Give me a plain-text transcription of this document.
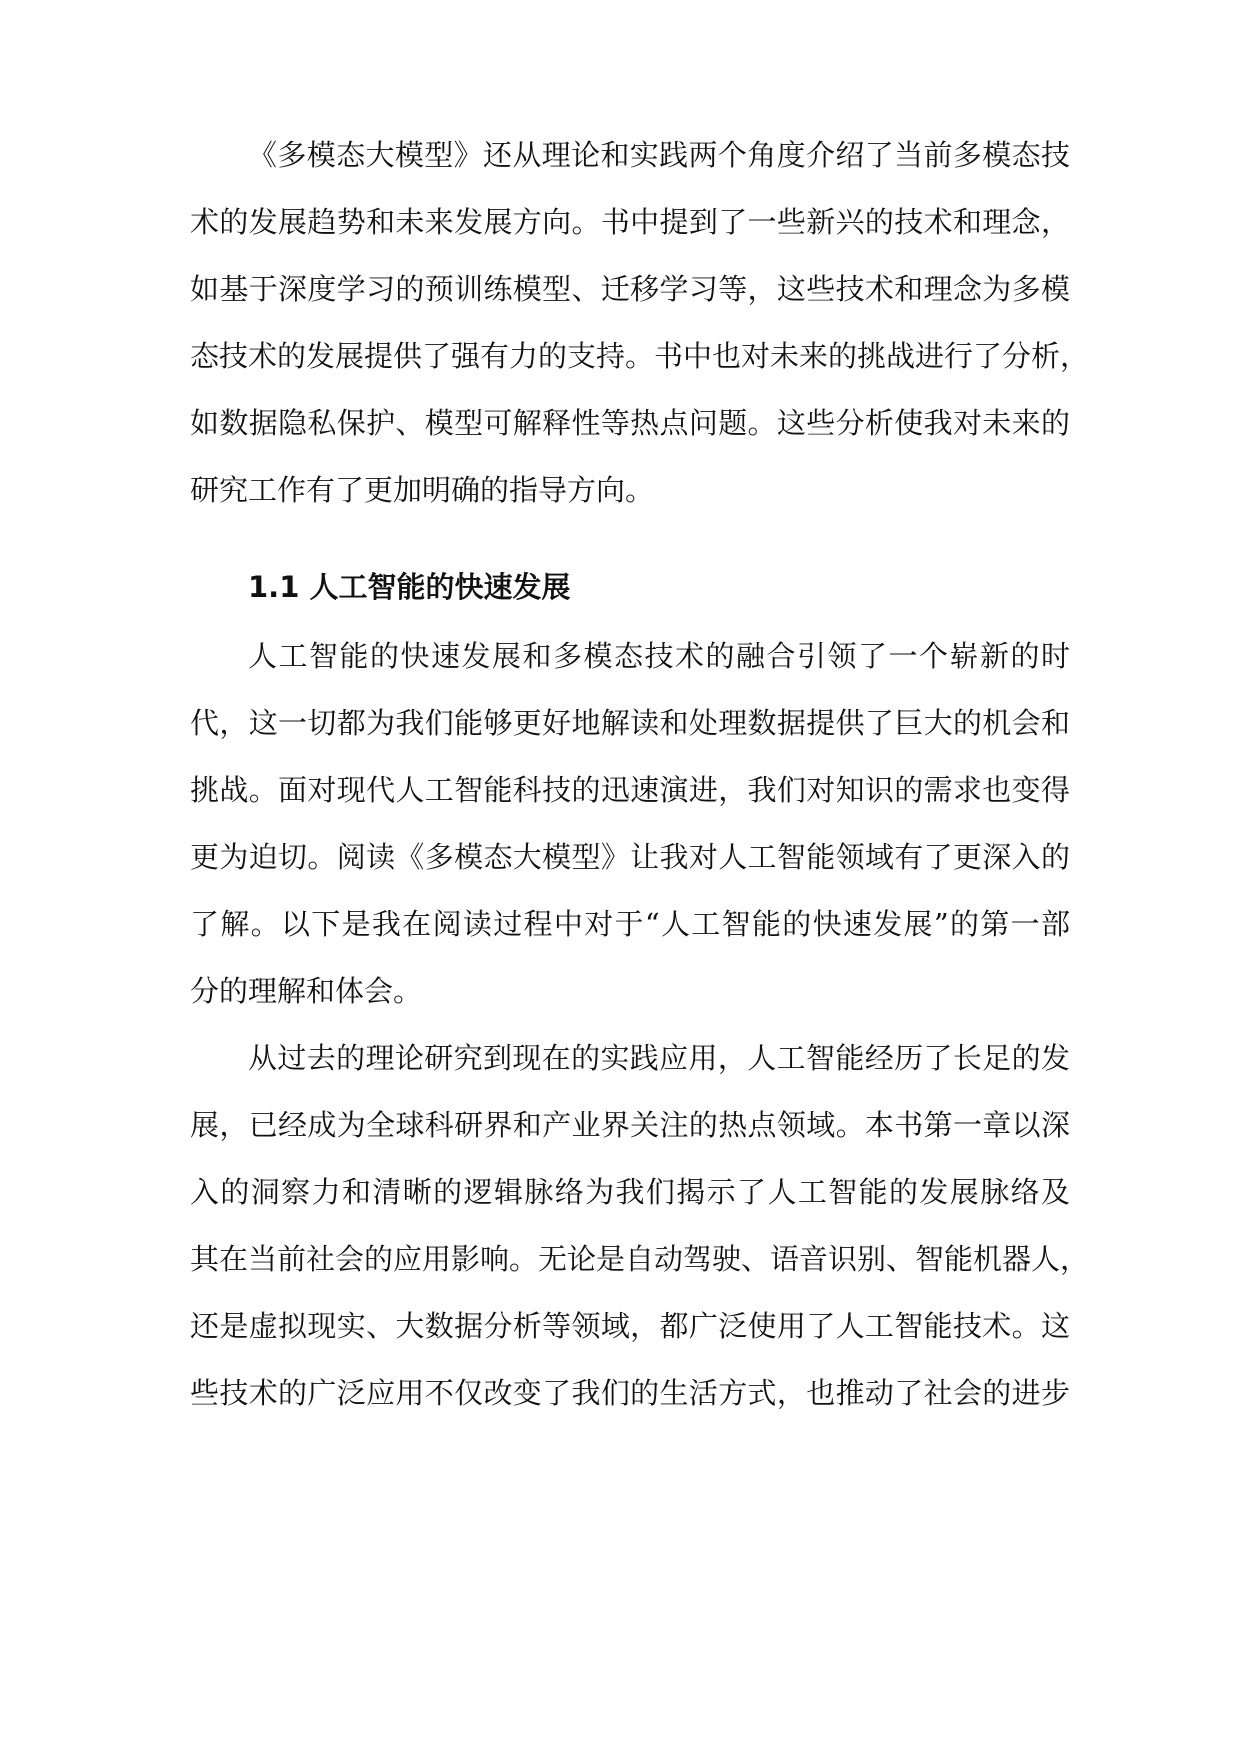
《多模态大模型》还从理论和实践两个角度介绍了当前多模态技
术的发展趋势和未来发展方向。书中提到了一些新兴的技术和理念，
如基于深度学习的预训练模型、迁移学习等，这些技术和理念为多模
态技术的发展提供了强有力的支持。书中也对未来的挑战进行了分析，
如数据隐私保护、模型可解释性等热点问题。这些分析使我对未来的
研究工作有了更加明确的指导方向。
1.1 人工智能的快速发展
人工智能的快速发展和多模态技术的融合引领了一个崭新的时
代，这一切都为我们能够更好地解读和处理数据提供了巨大的机会和
挑战。面对现代人工智能科技的迅速演进，我们对知识的需求也变得
更为迫切。阅读《多模态大模型》让我对人工智能领域有了更深入的
了解。以下是我在阅读过程中对于“人工智能的快速发展”的第一部
分的理解和体会。
从过去的理论研究到现在的实践应用，人工智能经历了长足的发
展，已经成为全球科研界和产业界关注的热点领域。本书第一章以深
入的洞察力和清晰的逻辑脉络为我们揭示了人工智能的发展脉络及
其在当前社会的应用影响。无论是自动驾驶、语音识别、智能机器人，
还是虚拟现实、大数据分析等领域，都广泛使用了人工智能技术。这
些技术的广泛应用不仅改变了我们的生活方式，也推动了社会的进步
